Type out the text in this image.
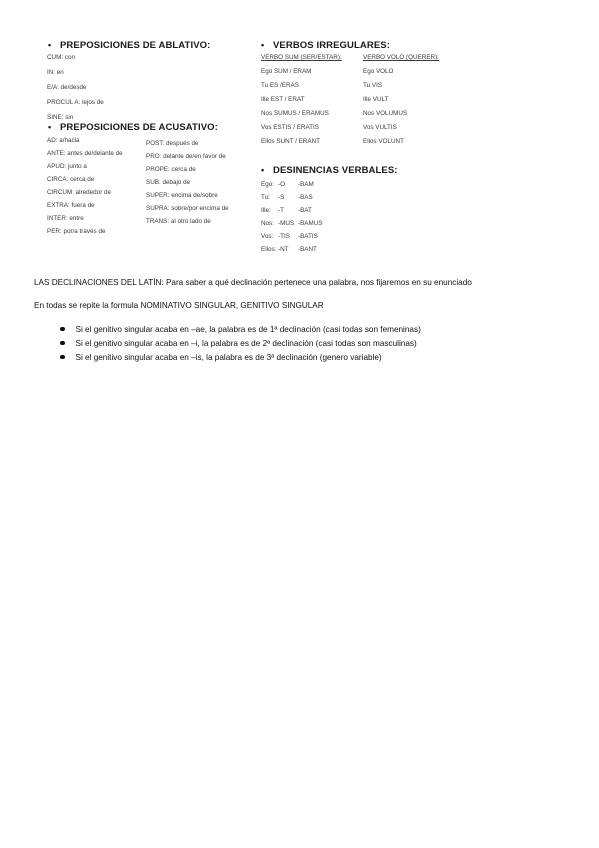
• PREPOSICIONES DE ABLATIVO:
CUM: con
IN: en
E/A: de/desde
PROCUL A: lejos de
SINE: sin
• PREPOSICIONES DE ACUSATIVO:
AD: a/hacia
ANTE: antes de/delante de
APUD: junto a
CIRCA: cerca de
CIRCUM: alrededor de
EXTRA: fuera de
INTER: entre
PER: por/a través de
POST: después de
PRO: delante de/en favor de
PROPE: cerca de
SUB: debajo de
SUPER: encima de/sobre
SUPRA: sobre/por encima de
TRANS: al otro lado de
• VERBOS IRREGULARES:
VERBO SUM (SER/ESTAR):
Ego SUM / ERAM
Tu ES /ERAS
Ille EST / ERAT
Nos SUMUS / ERAMUS
Vos ESTIS / ERATIS
Ellos SUNT / ERANT
VERBO VOLO (QUERER):
Ego VOLO
Tu VIS
Ille VULT
Nos VOLUMUS
Vos VULTIS
Ellos VOLUNT
• DESINENCIAS VERBALES:
Ego: -O	-BAM
Tu:	-S	-BAS
Ille:	-T	-BAT
Nos: -MUS -BAMUS
Vos: -TIS	-BATIS
Ellos: -NT	-BANT
LAS DECLINACIONES DEL LATÍN: Para saber a qué declinación pertenece una palabra, nos fijaremos en su enunciado
En todas se repite la formula NOMINATIVO SINGULAR, GENITIVO SINGULAR
Si el genitivo singular acaba en –ae, la palabra es de 1ª declinación (casi todas son femeninas)
Si el genitivo singular acaba en –i, la palabra es de 2ª declinación (casi todas son masculinas)
Si el genitivo singular acaba en –is, la palabra es de 3ª declinación (genero variable)
